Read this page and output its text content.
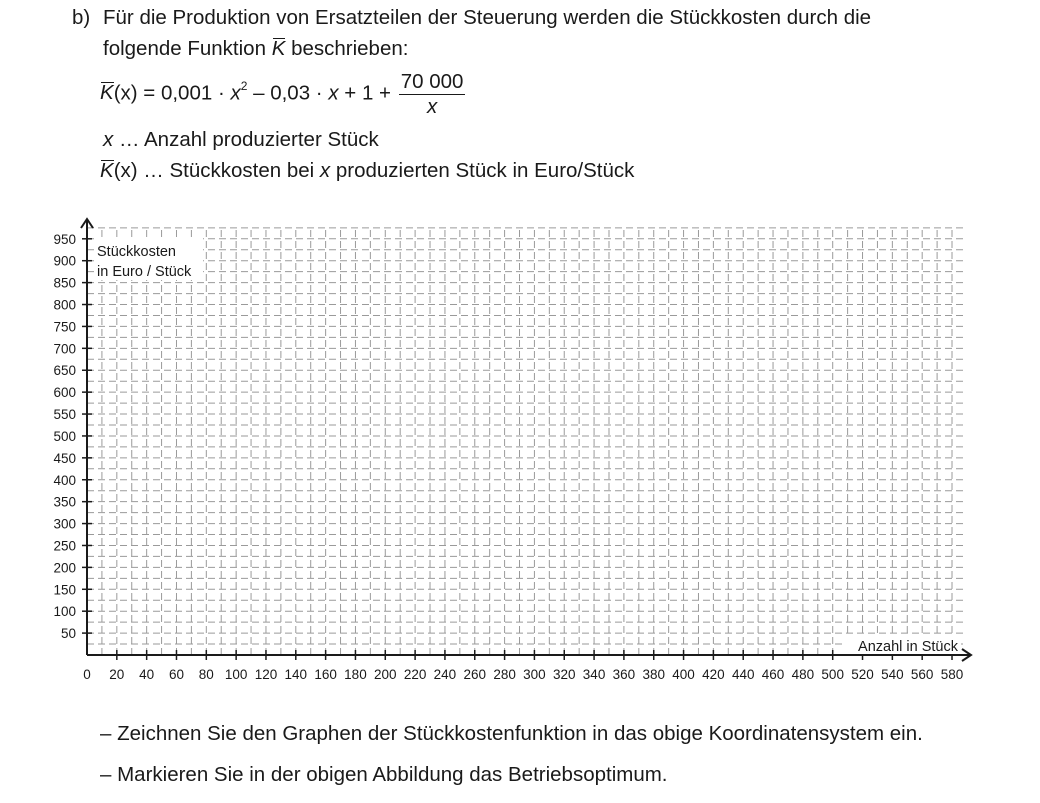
b) Für die Produktion von Ersatzteilen der Steuerung werden die Stückkosten durch die
folgende Funktion K beschrieben:
$K(x) = 0,001 \cdot x^2 - 0,03 \cdot x + 1 + \frac{70 000}{x}$
x … Anzahl produzierter Stück
K(x) … Stückkosten bei x produzierten Stück in Euro/Stück
0 20 40 60 80 100 120 140 160 180 200 220 240 260 280 300 320 340 360 380 400 420 440 460 480 500 520 540 560 580
50
100
150
200
250
300
350
400
450
500
550
600
650
700
750
800
850
900
950
Stückkosten
in Euro / Stück
Anzahl in Stück
– Zeichnen Sie den Graphen der Stückkostenfunktion in das obige Koordinatensystem ein.
– Markieren Sie in der obigen Abbildung das Betriebsoptimum.
